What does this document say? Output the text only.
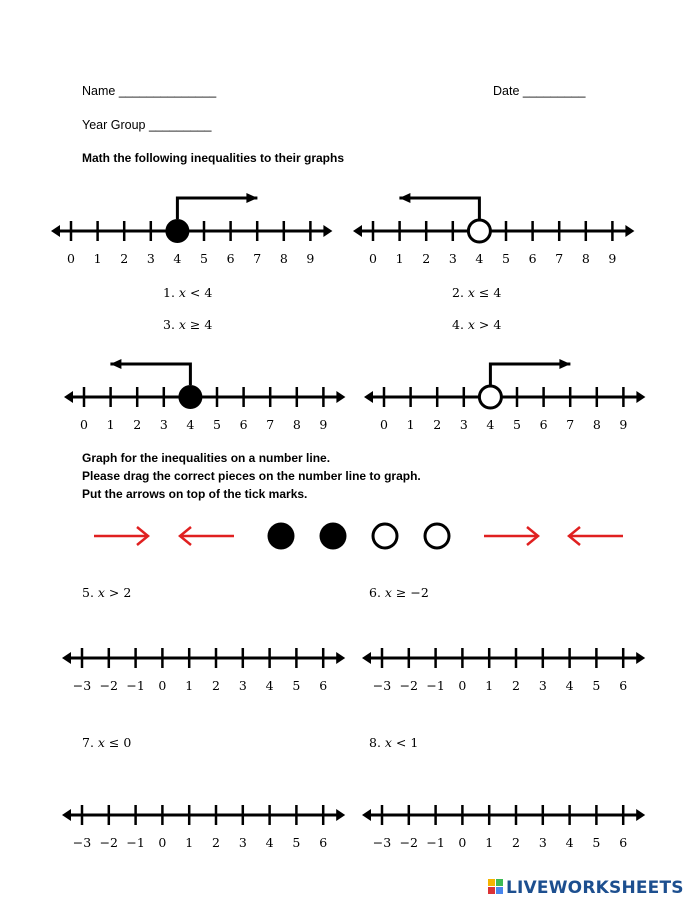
Name ______________	Date _________
Year Group _________
Math the following inequalities to their graphs
1. 𝑥 < 4	2. 𝑥 ≤ 4
3. 𝑥 ≥ 4	4. 𝑥 > 4
Graph for the inequalities on a number line.
Please drag the correct pieces on the number line to graph.
Put the arrows on top of the tick marks.
5. 𝑥 > 2	6. 𝑥 ≥ −2
7. 𝑥 ≤ 0	8. 𝑥 < 1
LIVEWORKSHEETS
0 1 2 3 4 5 6 7 8 9	0 1 2 3 4 5 6 7 8 9
0 1 2 3 4 5 6 7 8 9	0 1 2 3 4 5 6 7 8 9
−3 −2 −1 0 1 2 3 4 5 6	−3 −2 −1 0 1 2 3 4 5 6
−3 −2 −1 0 1 2 3 4 5 6	−3 −2 −1 0 1 2 3 4 5 6
